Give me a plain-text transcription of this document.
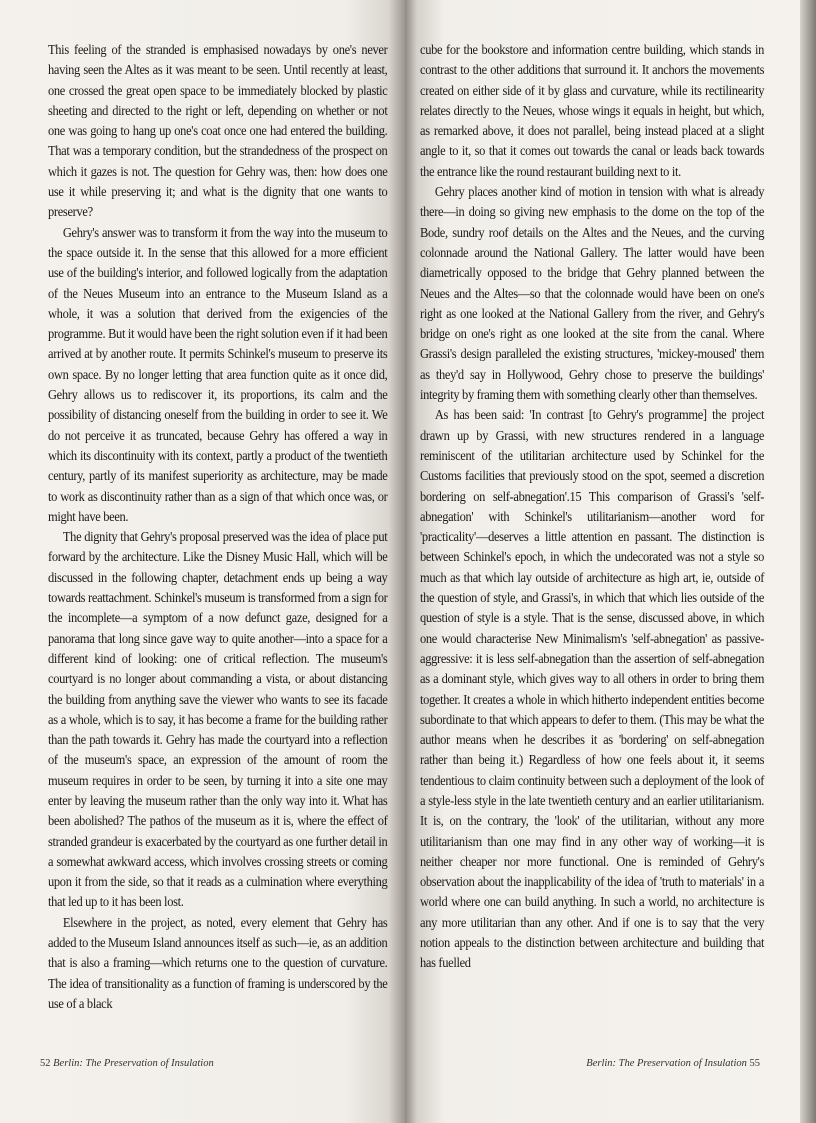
This feeling of the stranded is emphasised nowadays by one's never having seen the Altes as it was meant to be seen. Until recently at least, one crossed the great open space to be immediately blocked by plastic sheeting and directed to the right or left, depending on whether or not one was going to hang up one's coat once one had entered the building. That was a temporary condition, but the strandedness of the prospect on which it gazes is not. The question for Gehry was, then: how does one use it while preserving it; and what is the dignity that one wants to preserve?

Gehry's answer was to transform it from the way into the museum to the space outside it. In the sense that this allowed for a more efficient use of the building's interior, and followed logically from the adaptation of the Neues Museum into an entrance to the Museum Island as a whole, it was a solution that derived from the exigencies of the programme. But it would have been the right solution even if it had been arrived at by another route. It permits Schinkel's museum to preserve its own space. By no longer letting that area function quite as it once did, Gehry allows us to rediscover it, its proportions, its calm and the possibility of distancing oneself from the building in order to see it. We do not perceive it as truncated, because Gehry has offered a way in which its discontinuity with its context, partly a product of the twentieth century, partly of its manifest superiority as architecture, may be made to work as discontinuity rather than as a sign of that which once was, or might have been.

The dignity that Gehry's proposal preserved was the idea of place put forward by the architecture. Like the Disney Music Hall, which will be discussed in the following chapter, detachment ends up being a way towards reattachment. Schinkel's museum is transformed from a sign for the incomplete—a symptom of a now defunct gaze, designed for a panorama that long since gave way to quite another—into a space for a different kind of looking: one of critical reflection. The museum's courtyard is no longer about commanding a vista, or about distancing the building from anything save the viewer who wants to see its facade as a whole, which is to say, it has become a frame for the building rather than the path towards it. Gehry has made the courtyard into a reflection of the museum's space, an expression of the amount of room the museum requires in order to be seen, by turning it into a site one may enter by leaving the museum rather than the only way into it. What has been abolished? The pathos of the museum as it is, where the effect of stranded grandeur is exacerbated by the courtyard as one further detail in a somewhat awkward access, which involves crossing streets or coming upon it from the side, so that it reads as a culmination where everything that led up to it has been lost.

Elsewhere in the project, as noted, every element that Gehry has added to the Museum Island announces itself as such—ie, as an addition that is also a framing—which returns one to the question of curvature. The idea of transitionality as a function of framing is underscored by the use of a black

52 Berlin: The Preservation of Insulation

cube for the bookstore and information centre building, which stands in contrast to the other additions that surround it. It anchors the movements created on either side of it by glass and curvature, while its rectilinearity relates directly to the Neues, whose wings it equals in height, but which, as remarked above, it does not parallel, being instead placed at a slight angle to it, so that it comes out towards the canal or leads back towards the entrance like the round restaurant building next to it.

Gehry places another kind of motion in tension with what is already there—in doing so giving new emphasis to the dome on the top of the Bode, sundry roof details on the Altes and the Neues, and the curving colonnade around the National Gallery. The latter would have been diametrically opposed to the bridge that Gehry planned between the Neues and the Altes—so that the colonnade would have been on one's right as one looked at the National Gallery from the river, and Gehry's bridge on one's right as one looked at the site from the canal. Where Grassi's design paralleled the existing structures, 'mickey-moused' them as they'd say in Hollywood, Gehry chose to preserve the buildings' integrity by framing them with something clearly other than themselves.

As has been said: 'In contrast [to Gehry's programme] the project drawn up by Grassi, with new structures rendered in a language reminiscent of the utilitarian architecture used by Schinkel for the Customs facilities that previously stood on the spot, seemed a discretion bordering on self-abnegation'.15 This comparison of Grassi's 'self-abnegation' with Schinkel's utilitarianism—another word for 'practicality'—deserves a little attention en passant. The distinction is between Schinkel's epoch, in which the undecorated was not a style so much as that which lay outside of architecture as high art, ie, outside of the question of style, and Grassi's, in which that which lies outside of the question of style is a style. That is the sense, discussed above, in which one would characterise New Minimalism's 'self-abnegation' as passive-aggressive: it is less self-abnegation than the assertion of self-abnegation as a dominant style, which gives way to all others in order to bring them together. It creates a whole in which hitherto independent entities become subordinate to that which appears to defer to them. (This may be what the author means when he describes it as 'bordering' on self-abnegation rather than being it.) Regardless of how one feels about it, it seems tendentious to claim continuity between such a deployment of the look of a style-less style in the late twentieth century and an earlier utilitarianism. It is, on the contrary, the 'look' of the utilitarian, without any more utilitarianism than one may find in any other way of working—it is neither cheaper nor more functional. One is reminded of Gehry's observation about the inapplicability of the idea of 'truth to materials' in a world where one can build anything. In such a world, no architecture is any more utilitarian than any other. And if one is to say that the very notion appeals to the distinction between architecture and building that has fuelled

Berlin: The Preservation of Insulation 55
